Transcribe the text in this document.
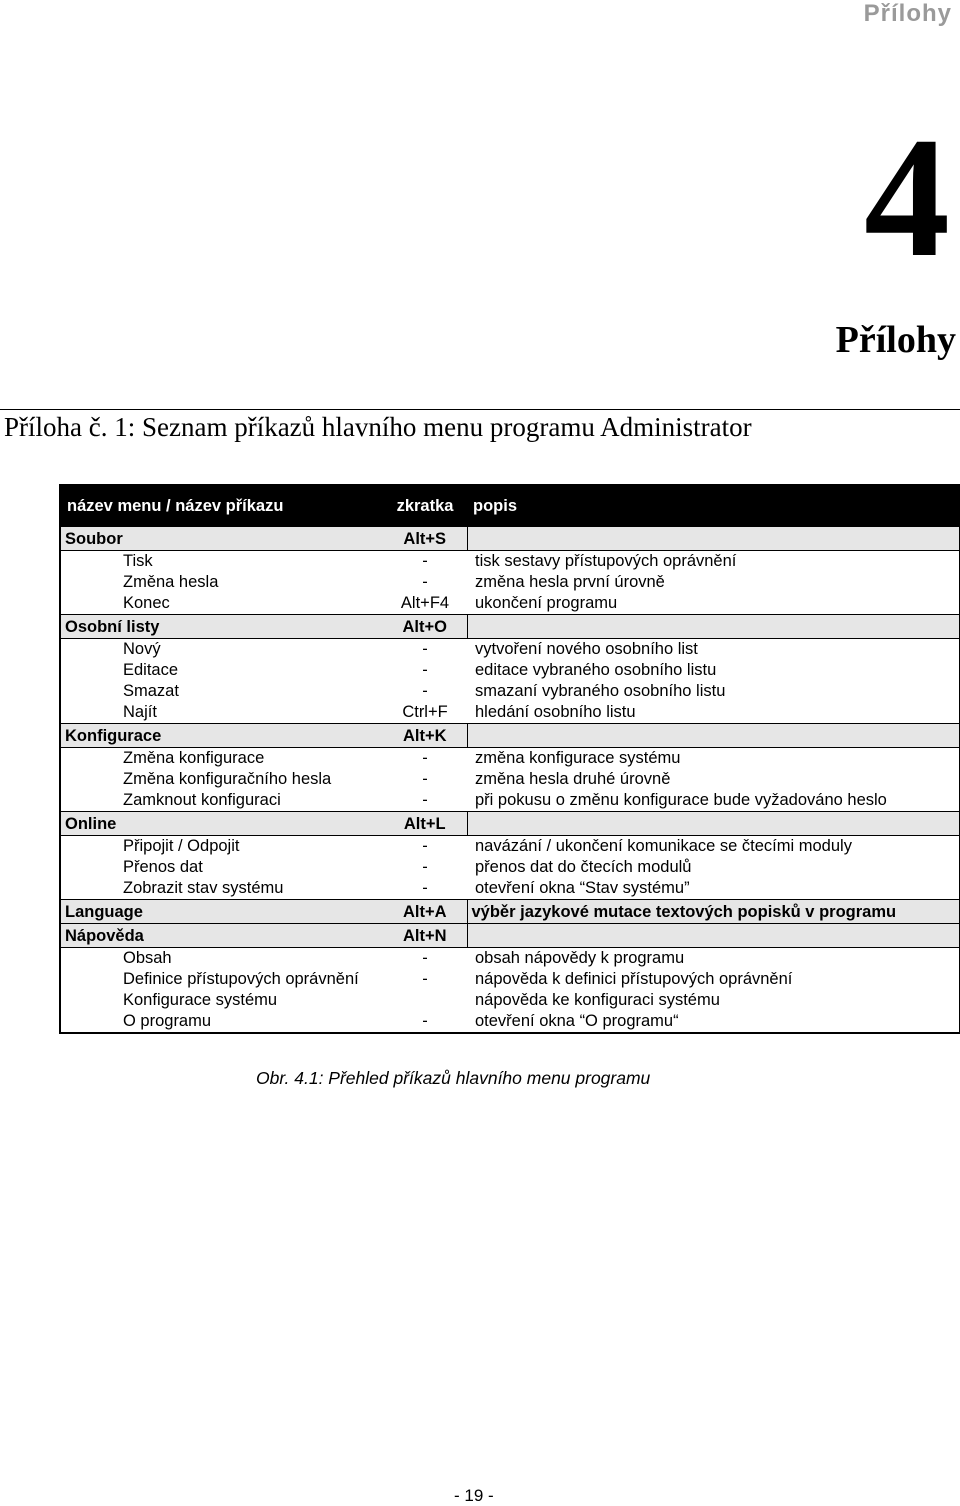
Přílohy
4
Přílohy
Příloha č. 1: Seznam příkazů hlavního menu programu Administrator
název menu / název příkazu	zkratka	popis
Soubor	Alt+S	
Tisk	-	tisk sestavy přístupových oprávnění
Změna hesla	-	změna hesla první úrovně
Konec	Alt+F4	ukončení programu
Osobní listy	Alt+O	
Nový	-	vytvoření nového osobního list
Editace	-	editace vybraného osobního listu
Smazat	-	smazaní vybraného osobního listu
Najít	Ctrl+F	hledání osobního listu
Konfigurace	Alt+K	
Změna konfigurace	-	změna konfigurace systému
Změna konfiguračního hesla	-	změna hesla druhé úrovně
Zamknout konfiguraci	-	při pokusu o změnu konfigurace bude vyžadováno heslo
Online	Alt+L	
Připojit / Odpojit	-	navázání / ukončení komunikace se čtecími moduly
Přenos dat	-	přenos dat do čtecích modulů
Zobrazit stav systému	-	otevření okna “Stav systému”
Language	Alt+A	výběr jazykové mutace textových popisků v programu
Nápověda	Alt+N	
Obsah	-	obsah nápovědy k programu
Definice přístupových oprávnění	-	nápověda k definici přístupových oprávnění
Konfigurace systému		nápověda ke konfiguraci systému
O programu	-	otevření okna “O programu“
Obr. 4.1: Přehled příkazů hlavního menu programu
- 19 -
